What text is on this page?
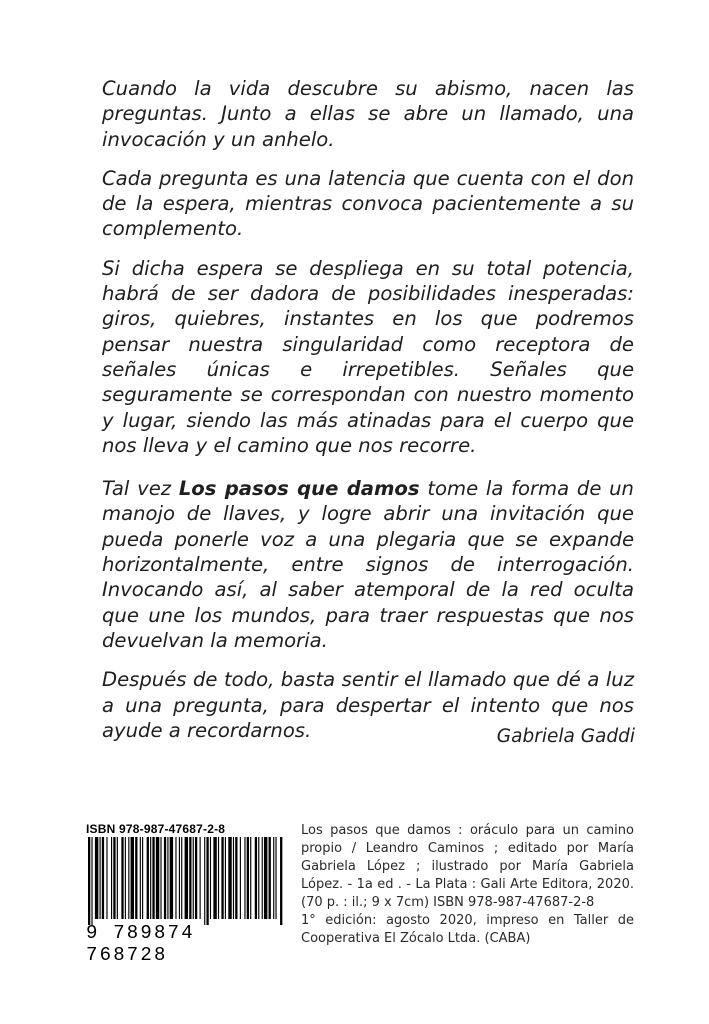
Cuando la vida descubre su abismo, nacen las preguntas. Junto a ellas se abre un llamado, una invocación y un anhelo.

Cada pregunta es una latencia que cuenta con el don de la espera, mientras convoca pacientemente a su complemento.

Si dicha espera se despliega en su total potencia, habrá de ser dadora de posibilidades inesperadas: giros, quiebres, instantes en los que podremos pensar nuestra singularidad como receptora de señales únicas e irrepetibles. Señales que seguramente se correspondan con nuestro momento y lugar, siendo las más atinadas para el cuerpo que nos lleva y el camino que nos recorre.

Tal vez Los pasos que damos tome la forma de un manojo de llaves, y logre abrir una invitación que pueda ponerle voz a una plegaria que se expande horizontalmente, entre signos de interrogación. Invocando así, al saber atemporal de la red oculta que une los mundos, para traer respuestas que nos devuelvan la memoria.

Después de todo, basta sentir el llamado que dé a luz a una pregunta, para despertar el intento que nos ayude a recordarnos.	Gabriela Gaddi
ISBN 978-987-47687-2-8
9 789874 768728

Los pasos que damos : oráculo para un camino propio / Leandro Caminos ; editado por María Gabriela López ; ilustrado por María Gabriela López. - 1a ed . - La Plata : Gali Arte Editora, 2020.(70 p. : il.; 9 x 7cm) ISBN 978-987-47687-2-8

1° edición: agosto 2020, impreso en Taller de Cooperativa El Zócalo Ltda. (CABA)
